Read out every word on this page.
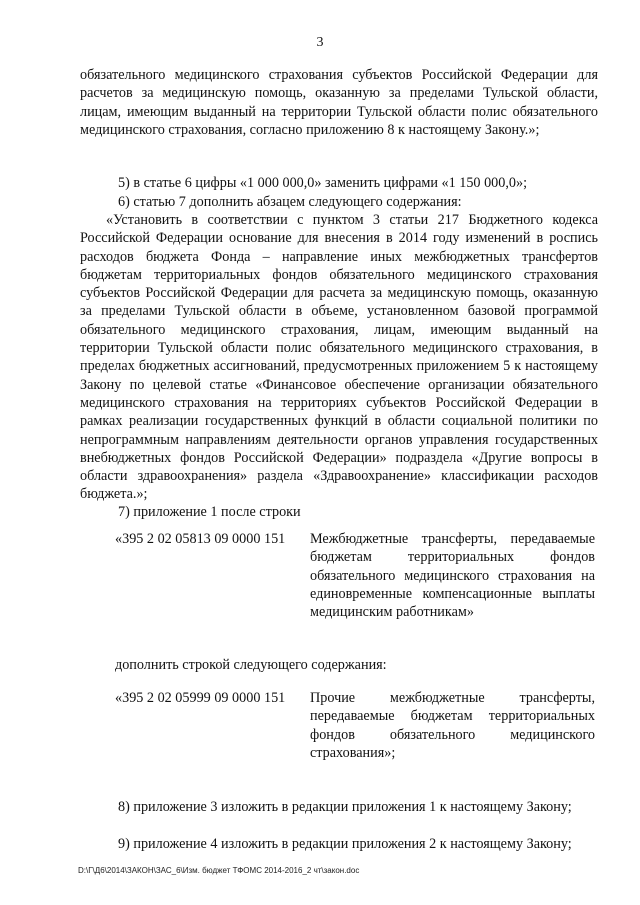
3

обязательного медицинского страхования субъектов Российской Федерации для расчетов за медицинскую помощь, оказанную за пределами Тульской области, лицам, имеющим выданный на территории Тульской области полис обязательного медицинского страхования, согласно приложению 8 к настоящему Закону.»;

5) в статье 6 цифры «1 000 000,0» заменить цифрами «1 150 000,0»;

6) статью 7 дополнить абзацем следующего содержания:

«Установить в соответствии с пунктом 3 статьи 217 Бюджетного кодекса Российской Федерации основание для внесения в 2014 году изменений в роспись расходов бюджета Фонда – направление иных межбюджетных трансфертов бюджетам территориальных фондов обязательного медицинского страхования субъектов Российской Федерации для расчета за медицинскую помощь, оказанную за пределами Тульской области в объеме, установленном базовой программой обязательного медицинского страхования, лицам, имеющим выданный на территории Тульской области полис обязательного медицинского страхования, в пределах бюджетных ассигнований, предусмотренных приложением 5 к настоящему Закону по целевой статье «Финансовое обеспечение организации обязательного медицинского страхования на территориях субъектов Российской Федерации в рамках реализации государственных функций в области социальной политики по непрограммным направлениям деятельности органов управления государственных внебюджетных фондов Российской Федерации» подраздела «Другие вопросы в области здравоохранения» раздела «Здравоохранение» классификации расходов бюджета.»;

7) приложение 1 после строки

«395 2 02 05813 09 0000 151 Межбюджетные трансферты, передаваемые бюджетам территориальных фондов обязательного медицинского страхования на единовременные компенсационные выплаты медицинским работникам»

дополнить строкой следующего содержания:

«395 2 02 05999 09 0000 151 Прочие межбюджетные трансферты, передаваемые бюджетам территориальных фондов обязательного медицинского страхования»;

8) приложение 3 изложить в редакции приложения 1 к настоящему Закону;

9) приложение 4 изложить в редакции приложения 2 к настоящему Закону;

D:\Г\Д6\2014\ЗАКОН\ЗАС_6\Изм. бюджет ТФОМС 2014-2016_2 чт\закон.doc
